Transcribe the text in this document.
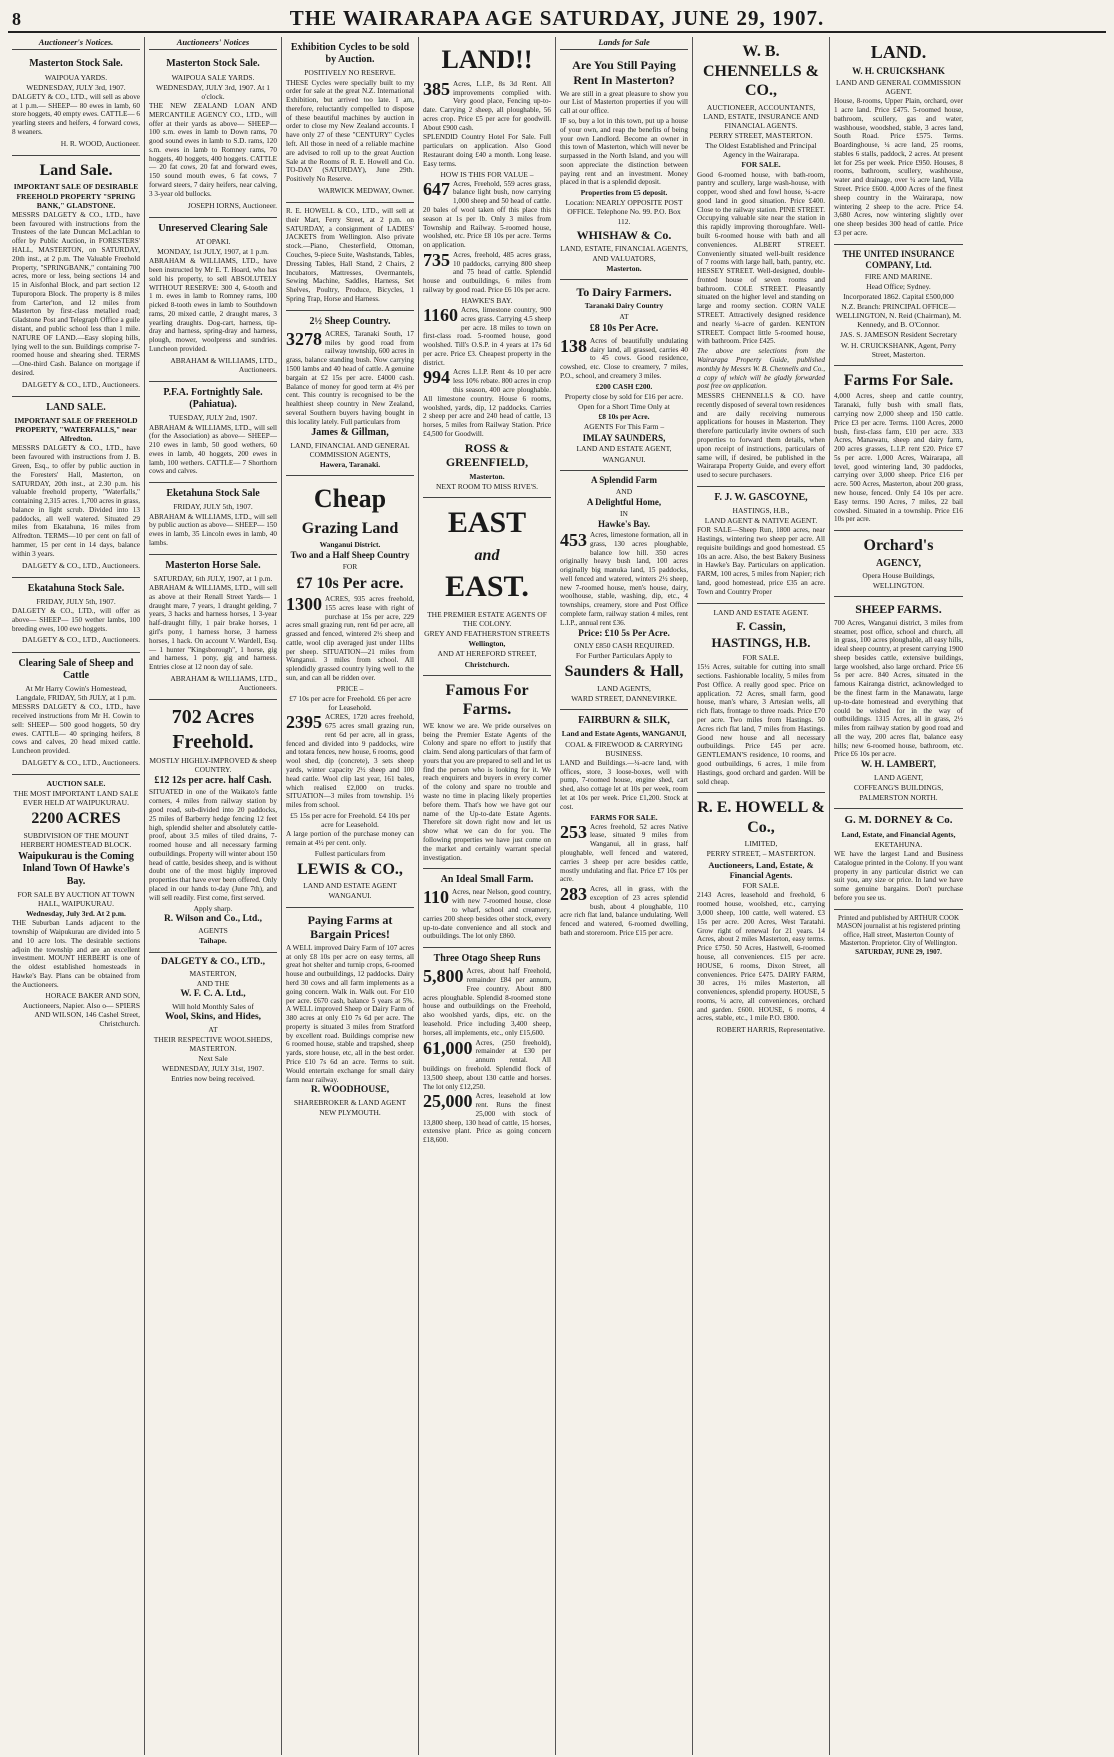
8	THE WAIRARAPA AGE SATURDAY, JUNE 29, 1907.
Auctioneer's Notices.
Masterton Stock Sale.
WAIPOUA YARDS.
WEDNESDAY, JULY 3rd, 1907.

DALGETY & CO., LTD., will sell as above at 1 p.m.— SHEEP— 80 ewes in lamb, 60 store hoggets, 40 empty ewes. CATTLE— 6 yearling steers and heifers, 4 forward cows, 8 weaners.

H. R. WOOD, Auctioneer.
Land Sale.
IMPORTANT SALE OF DESIRABLE FREEHOLD PROPERTY "SPRING BANK," GLADSTONE.

MESSRS DALGETY & CO., LTD., have been favoured with instructions from the Trustees of the late Duncan McLachlan to offer by Public Auction, in FORESTERS' HALL, MASTERTON, on SATURDAY, 20th inst., at 2 p.m. The Valuable Freehold Property, "SPRINGBANK," containing 700 acres, more or less, being sections 14 and 15 in Aisfonhal Block, and part section 12 Tupuropora Block. The property is 8 miles from Carter'ton, and 12 miles from Masterton by first-class metalled road; Gladstone Post and Telegraph Office a guile distant, and public school less than 1 mile. NATURE OF LAND.—Easy sloping hills, lying well to the sun. Buildings comprise 7-roomed house and shearing shed. TERMS—One-third Cash. Balance on mortgage if desired.

DALGETY & CO., LTD., Auctioneers.
LAND SALE.
IMPORTANT SALE OF FREEHOLD PROPERTY, "WATERFALLS," near Alfredton.

MESSRS DALGETY & CO., LTD., have been favoured with instructions from J. B. Green, Esq., to offer by public auction in the Foresters' Hall, Masterton, on SATURDAY, 20th inst., at 2.30 p.m. his valuable freehold property, "Waterfalls," containing 2,315 acres. 1,700 acres in grass, balance in light scrub. Divided into 13 paddocks, all well watered. Situated 29 miles from Ekatahuna, 16 miles from Alfredton. TERMS—10 per cent on fall of hammer, 15 per cent in 14 days, balance within 3 years.

DALGETY & CO., LTD., Auctioneers.
Ekatahuna Stock Sale.
FRIDAY, JULY 5th, 1907.

DALGETY & CO., LTD., will offer as above— SHEEP— 150 wether lambs, 100 breeding ewes, 100 ewe hoggets.

DALGETY & CO., LTD., Auctioneers.
Clearing Sale of Sheep and Cattle
At Mr Harry Cowin's Homestead, Langdale, FRIDAY, 5th JULY, at 1 p.m.

MESSRS DALGETY & CO., LTD., have received instructions from Mr H. Cowin to sell: SHEEP— 500 good hoggets, 50 dry ewes. CATTLE— 40 springing heifers, 8 cows and calves, 20 head mixed cattle. Luncheon provided.

DALGETY & CO., LTD., Auctioneers.
AUCTION SALE.
THE MOST IMPORTANT LAND SALE EVER HELD AT WAIPUKURAU.
2200 ACRES
SUBDIVISION OF THE MOUNT HERBERT HOMESTEAD BLOCK.
Waipukurau is the Coming Inland Town Of Hawke's Bay.
FOR SALE BY AUCTION AT TOWN HALL, WAIPUKURAU.
Wednesday, July 3rd. At 2 p.m.

THE Suburban Lands adjacent to the township of Waipukurau are divided into 5 and 10 acre lots. The desirable sections adjoin the township and are an excellent investment. MOUNT HERBERT is one of the oldest established homesteads in Hawke's Bay. Plans can be obtained from the Auctioneers.

HORACE BAKER AND SON, Auctioneers, Napier. Also o— SPIERS AND WILSON, 146 Cashel Street, Christchurch.
Auctioneers' Notices
Masterton Stock Sale.
WAIPOUA SALE YARDS.
WEDNESDAY, JULY 3rd, 1907. At 1 o'clock.

THE NEW ZEALAND LOAN AND MERCANTILE AGENCY CO., LTD., will offer at their yards as above— SHEEP— 100 s.m. ewes in lamb to Down rams, 70 good sound ewes in lamb to S.D. rams, 120 s.m. ewes in lamb to Romney rams, 70 hoggets, 40 hoggets, 400 hoggets. CATTLE— 20 fat cows, 20 fat and forward ewes, 150 sound mouth ewes, 6 fat cows, 7 forward steers, 7 dairy heifers, near calving, 3 3-year old bullocks.

JOSEPH IORNS, Auctioneer.
Unreserved Clearing Sale
AT OPAKI.
MONDAY, 1st JULY, 1907, at 1 p.m.

ABRAHAM & WILLIAMS, LTD., have been instructed by Mr E. T. Hoard, who has sold his property, to sell ABSOLUTELY WITHOUT RESERVE: 300 4, 6-tooth and 1 m. ewes in lamb to Romney rams, 100 picked 8-tooth ewes in lamb to Southdown rams, 20 mixed cattle, 2 draught mares, 3 yearling draughts. Dog-cart, harness, tip-dray and harness, spring-dray and harness, plough, mower, woolpress and sundries. Luncheon provided.

ABRAHAM & WILLIAMS, LTD., Auctioneers.
P.F.A. Fortnightly Sale. (Pahiatua).
TUESDAY, JULY 2nd, 1907.

ABRAHAM & WILLIAMS, LTD., will sell (for the Association) as above— SHEEP— 210 ewes in lamb, 50 good wethers, 60 ewes in lamb, 40 hoggets, 200 ewes in lamb, 100 wethers. CATTLE— 7 Shorthorn cows and calves.

Eketahuna Stock Sale
FRIDAY, JULY 5th, 1907.

ABRAHAM & WILLIAMS, LTD., will sell by public auction as above— SHEEP— 150 ewes in lamb, 35 Lincoln ewes in lamb, 40 lambs.

Masterton Horse Sale.
SATURDAY, 6th JULY, 1907, at 1 p.m.

ABRAHAM & WILLIAMS, LTD., will sell as above at their Renall Street Yards— 1 draught mare, 7 years, 1 draught gelding, 7 years, 3 hacks and harness horses, 1 3-year half-draught filly, 1 pair brake horses, 1 girl's pony, 1 harness horse, 3 harness horses, 1 hack. On account V. Wardell, Esq.— 1 hunter "Kingsborough", 1 horse, gig and harness, 1 pony, gig and harness. Entries close at 12 noon day of sale.

ABRAHAM & WILLIAMS, LTD., Auctioneers.
702 Acres Freehold.
MOSTLY HIGHLY-IMPROVED & sheep COUNTRY.
£12 12s per acre. half Cash.

SITUATED in one of the Waikato's fattle corners, 4 miles from railway station by good road, sub-divided into 20 paddocks, 25 miles of Barberry hedge fencing 12 feet high, splendid shelter and absolutely cattle-proof, about 3.5 miles of tiled drains, 7-roomed house and all necessary farming outbuildings. Property will winter about 150 head of cattle, besides sheep, and is without doubt one of the most highly improved properties that have ever been offered. Only placed in our hands to-day (June 7th), and will sell readily. First come, first served.

Apply sharp.
R. Wilson and Co., Ltd.,
AGENTS
Taihape.
DALGETY & CO., LTD.,
MASTERTON,
AND THE
W. F. C. A. Ltd.,
Will hold Monthly Sales of
Wool, Skins, and Hides,
AT
THEIR RESPECTIVE WOOLSHEDS, MASTERTON.
Next Sale
WEDNESDAY, JULY 31st, 1907.
Entries now being received.
Exhibition Cycles to be sold by Auction.
POSITIVELY NO RESERVE.

THESE Cycles were specially built to my order for sale at the great N.Z. International Exhibition, but arrived too late. I am, therefore, reluctantly compelled to dispose of these beautiful machines by auction in order to close my New Zealand accounts. I have only 27 of these "CENTURY" Cycles left. All those in need of a reliable machine are advised to roll up to the great Auction Sale at the Rooms of R. E. Howell and Co. TO-DAY (SATURDAY), June 29th. Positively No Reserve.

WARWICK MEDWAY, Owner.

R. E. HOWELL & CO., LTD., will sell at their Mart, Ferry Street, at 2 p.m. on SATURDAY, a consignment of LADIES' JACKETS from Wellington. Also private stock.—Piano, Chesterfield, Ottoman, Couches, 9-piece Suite, Washstands, Tables, Dressing Tables, Hall Stand, 2 Chairs, 2 Incubators, Mattresses, Overmantels, Sewing Machine, Saddles, Harness, Set Shelves, Poultry, Produce, Bicycles, 1 Spring Trap, Horse and Harness.

2½ Sheep Country.

3278 ACRES, Taranaki South, 17 miles by good road from railway township, 600 acres in grass, balance standing bush. Now carrying 1500 lambs and 40 head of cattle. A genuine bargain at £2 15s per acre. £4000 cash. Balance of money for good term at 4½ per cent. This country is recognised to be the healthiest sheep country in New Zealand, several Southern buyers having bought in this locality lately. Full particulars from

James & Gillman,
LAND, FINANCIAL AND GENERAL COMMISSION AGENTS,
Hawera, Taranaki.
Cheap
Grazing Land
Wanganui District.
Two and a Half Sheep Country
FOR
£7 10s Per acre.

1300 ACRES, 935 acres freehold, 155 acres lease with right of purchase at 15s per acre, 229 acres small grazing run, rent 6d per acre, all grassed and fenced, wintered 2½ sheep and cattle, wool clip averaged just under 11lbs per sheep. SITUATION—21 miles from Wanganui. 3 miles from school. All splendidly grassed country lying well to the sun, and can all be ridden over.

PRICE –
£7 10s per acre for Freehold. £6 per acre for Leasehold.

2395 ACRES, 1720 acres freehold, 675 acres small grazing run, rent 6d per acre, all in grass, fenced and divided into 9 paddocks, wire and totara fences, new house, 6 rooms, good wool shed, dip (concrete), 3 sets sheep yards, winter capacity 2½ sheep and 100 head cattle. Wool clip last year, 161 bales, which realised £2,000 on trucks. SITUATION—3 miles from township. 1½ miles from school.

£5 15s per acre for Freehold. £4 10s per acre for Leasehold.

A large portion of the purchase money can remain at 4½ per cent. only.

Fullest particulars from
LEWIS & CO.,
LAND AND ESTATE AGENT
WANGANUI.
Paying Farms at Bargain Prices!

A WELL improved Dairy Farm of 107 acres at only £8 10s per acre on easy terms, all great hot shelter and turnip crops, 6-roomed house and outbuildings, 12 paddocks. Dairy herd 30 cows and all farm implements as a going concern. Walk in. Walk out. For £10 per acre. £670 cash, balance 5 years at 5%. A WELL improved Sheep or Dairy Farm of 380 acres at only £10 7s 6d per acre. The property is situated 3 miles from Stratford by excellent road. Buildings comprise new 6 roomed house, stable and trapshed, sheep yards, store house, etc, all in the best order. Price £10 7s 6d an acre. Terms to suit. Would entertain exchange for small dairy farm near railway.

R. WOODHOUSE,
SHAREBROKER & LAND AGENT
NEW PLYMOUTH.
LAND!!

385 Acres, L.I.P., 8s 3d Rent. All improvements complied with. Very good place, Fencing up-to-date. Carrying 2 sheep, all ploughable, 56 acres crop. Price £5 per acre for goodwill. About £900 cash.

SPLENDID Country Hotel For Sale. Full particulars on application. Also Good Restaurant doing £40 a month. Long lease. Easy terms.

HOW IS THIS FOR VALUE –

647 Acres, Freehold, 559 acres grass, balance light bush, now carrying 1,000 sheep and 50 head of cattle. 20 bales of wool taken off this place this season at 1s per lb. Only 3 miles from Township and Railway. 5-roomed house, woolshed, etc. Price £8 10s per acre. Terms on application.

735 Acres, freehold, 485 acres grass, 10 paddocks, carrying 800 sheep and 75 head of cattle. Splendid house and outbuildings, 6 miles from railway by good road. Price £6 10s per acre.

HAWKE'S BAY.

1160 Acres, limestone country, 900 acres grass. Carrying 4.5 sheep per acre. 18 miles to town on first-class road. 5-roomed house, good woolshed. Till's O.S.P. in 4 years at 17s 6d per acre. Price £3. Cheapest property in the district.

994 Acres L.I.P. Rent 4s 10 per acre less 10% rebate. 800 acres in crop this season, 400 acre ploughable. All limestone country. House 6 rooms, woolshed, yards, dip, 12 paddocks. Carries 2 sheep per acre and 240 head of cattle, 13 horses, 5 miles from Railway Station. Price £4,500 for Goodwill.

ROSS & GREENFIELD,
Masterton.
NEXT ROOM TO MISS RIVE'S.
EAST
and
EAST.
THE PREMIER ESTATE AGENTS OF THE COLONY.
GREY AND FEATHERSTON STREETS
Wellington,
AND AT HEREFORD STREET,
Christchurch.
Famous For Farms.

WE know we are. We pride ourselves on being the Premier Estate Agents of the Colony and spare no effort to justify that claim. Send along particulars of that farm of yours that you are prepared to sell and let us find the person who is looking for it. We reach enquirers and buyers in every corner of the colony and spare no trouble and waste no time in placing likely properties before them. That's how we have got our name of the Up-to-date Estate Agents. Therefore sit down right now and let us show what we can do for you. The following properties we have just come on the market and certainly warrant special investigation.

An Ideal Small Farm.

110 Acres, near Nelson, good country, with new 7-roomed house, close to wharf, school and creamery, carries 200 sheep besides other stock, every up-to-date convenience and all stock and outbuildings. The lot only £860.

Three Otago Sheep Runs

5,800 Acres, about half Freehold, remainder £84 per annum, Free country. About 800 acres ploughable. Splendid 8-roomed stone house and outbuildings on the Freehold, also woolshed yards, dips, etc. on the leasehold. Price including 3,400 sheep, horses, all implements, etc., only £15,600.

61,000 Acres, (250 freehold), remainder at £30 per annum rental. All buildings on freehold. Splendid flock of 13,500 sheep, about 130 cattle and horses. The lot only £12,250.

25,000 Acres, leasehold at low rent. Runs the finest 25,000 with stock of 13,800 sheep, 130 head of cattle, 15 horses, extensive plant. Price as going concern £18,600.

Lands for Sale
Are You Still Paying Rent In Masterton?

We are still in a great pleasure to show you our List of Masterton properties if you will call at our office.

IF so, buy a lot in this town, put up a house of your own, and reap the benefits of being your own Landlord. Become an owner in this town of Masterton, which will never be surpassed in the North Island, and you will soon appreciate the distinction between paying rent and an investment. Money placed in that is a splendid deposit.

Properties from £5 deposit.
Location: NEARLY OPPOSITE POST OFFICE. Telephone No. 99. P.O. Box 112.
WHISHAW & Co.
LAND, ESTATE, FINANCIAL AGENTS, AND VALUATORS,
Masterton.
To Dairy Farmers.
Taranaki Dairy Country
AT
£8 10s Per Acre.

138 Acres of beautifully undulating dairy land, all grassed, carries 40 to 45 cows. Good residence, cowshed, etc. Close to creamery, 7 miles, P.O., school, and creamery 3 miles.

£200 CASH £200.
Property close by sold for £16 per acre.
Open for a Short Time Only at
£8 10s per Acre.
AGENTS For This Farm –
IMLAY SAUNDERS,
LAND AND ESTATE AGENT,
WANGANUI.
A Splendid Farm
AND
A Delightful Home,
IN
Hawke's Bay.

453 Acres, limestone formation, all in grass, 130 acres ploughable, balance low hill. 350 acres originally heavy bush land, 100 acres originally big manuka land, 15 paddocks, well fenced and watered, winters 2½ sheep, new 7-roomed house, men's house, dairy, woolhouse, stable, washing, dip, etc., 4 townships, creamery, store and Post Office complete farm, railway station 4 miles, rent L.I.P., annual rent £36.

Price: £10 5s Per Acre.
ONLY £850 CASH REQUIRED.
For Further Particulars Apply to
Saunders & Hall,
LAND AGENTS,
WARD STREET, DANNEVIRKE.
FAIRBURN & SILK,
Land and Estate Agents, WANGANUI,
COAL & FIREWOOD & CARRYING BUSINESS.

LAND and Buildings.—¼-acre land, with offices, store, 3 loose-boxes, well with pump, 7-roomed house, engine shed, cart shed, also cottage let at 10s per week, room let at 10s per week. Price £1,200. Stock at cost.

FARMS FOR SALE.

253 Acres freehold, 52 acres Native lease, situated 9 miles from Wanganui, all in grass, half ploughable, well fenced and watered, carries 3 sheep per acre besides cattle, mostly undulating and flat. Price £7 10s per acre.

283 Acres, all in grass, with the exception of 23 acres splendid bush, about 4 ploughable, 110 acre rich flat land, balance undulating. Well fenced and watered, 6-roomed dwelling, bath and storeroom. Price £15 per acre.

W. B. CHENNELLS & CO.,
AUCTIONEER, ACCOUNTANTS, LAND, ESTATE, INSURANCE AND FINANCIAL AGENTS.
PERRY STREET, MASTERTON.
The Oldest Established and Principal Agency in the Wairarapa.
FOR SALE.

Good 6-roomed house, with bath-room, pantry and scullery, large wash-house, with copper, wood shed and fowl house, ¼-acre good land in good situation. Price £400. Close to the railway station. PINE STREET. Occupying valuable site near the station in this rapidly improving thoroughfare. Well-built 6-roomed house with bath and all conveniences. ALBERT STREET. Conveniently situated well-built residence of 7 rooms with large hall, bath, pantry, etc. HESSEY STREET. Well-designed, double-fronted house of seven rooms and bathroom. COLE STREET. Pleasantly situated on the higher level and standing on large and roomy section. CORN VALE STREET. Attractively designed residence and nearly ¼-acre of garden. KENTON STREET. Compact little 5-roomed house, with bathroom. Price £425.

The above are selections from the Wairarapa Property Guide, published monthly by Messrs W. B. Chennells and Co., a copy of which will be gladly forwarded post free on application.

MESSRS CHENNELLS & CO. have recently disposed of several town residences and are daily receiving numerous applications for houses in Masterton. They therefore particularly invite owners of such properties to forward them details, when upon receipt of instructions, particulars of same will, if desired, be published in the Wairarapa Property Guide, and every effort used to secure purchasers.

F. J. W. GASCOYNE,
HASTINGS, H.B.,
LAND AGENT & NATIVE AGENT.

FOR SALE—Sheep Run, 1800 acres, near Hastings, wintering two sheep per acre. All requisite buildings and good homestead. £5 10s an acre. Also, the best Bakery Business in Hawke's Bay. Particulars on application. FARM, 100 acres, 5 miles from Napier; rich land, good homestead, price £35 an acre. Town and Country Proper

LAND AND ESTATE AGENT.
F. Cassin,
HASTINGS, H.B.
FOR SALE.

15½ Acres, suitable for cutting into small sections. Fashionable locality, 5 miles from Post Office. A really good spec. Price on application. 72 Acres, small farm, good house, man's whare, 3 Artesian wells, all rich flats, frontage to three roads. Price £70 per acre. Two miles from Hastings. 50 Acres rich flat land, 7 miles from Hastings. Good new house and all necessary outbuildings. Price £45 per acre. GENTLEMAN'S residence, 10 rooms, and good outbuildings, 6 acres, 1 mile from Hastings, good orchard and garden. Will be sold cheap.

R. E. HOWELL & Co.,
LIMITED,
PERRY STREET, – MASTERTON.
Auctioneers, Land, Estate, & Financial Agents.
FOR SALE.

2143 Acres, leasehold and freehold, 6 roomed house, woolshed, etc., carrying 3,000 sheep, 100 cattle, well watered. £3 15s per acre. 200 Acres, West Taratahi. Grow right of renewal for 21 years. 14 Acres, about 2 miles Masterton, easy terms. Price £750. 50 Acres, Hastwell, 6-roomed house, all conveniences. £15 per acre. HOUSE, 6 rooms, Dixon Street, all conveniences. Price £475. DAIRY FARM, 30 acres, 1½ miles Masterton, all conveniences, splendid property. HOUSE, 5 rooms, ¼ acre, all conveniences, orchard and garden. £600. HOUSE, 6 rooms, 4 acres, stable, etc., 1 mile P.O. £800.

ROBERT HARRIS, Representative.
LAND.
W. H. CRUICKSHANK
LAND AND GENERAL COMMISSION AGENT.

House, 8-rooms, Upper Plain, orchard, over 1 acre land. Price £475. 5-roomed house, bathroom, scullery, gas and water, washhouse, woodshed, stable, 3 acres land, South Road. Price £575. Terms. Boardinghouse, ¼ acre land, 25 rooms, stables 6 stalls, paddock, 2 acres. At present let for 25s per week. Price £950. Houses, 8 rooms, bathroom, scullery, washhouse, water and drainage, over ¼ acre land, Villa Street. Price £600. 4,000 Acres of the finest sheep country in the Wairarapa, now wintering 2 sheep to the acre. Price £4. 3,680 Acres, now wintering slightly over one sheep besides 300 head of cattle. Price £3 per acre.

THE UNITED INSURANCE COMPANY, Ltd.
FIRE AND MARINE.
Head Office; Sydney.
Incorporated 1862. Capital £500,000
N.Z. Branch: PRINCIPAL OFFICE—WELLINGTON, N. Reid (Chairman), M. Kennedy, and B. O'Connor.
JAS. S. JAMESON Resident Secretary
W. H. CRUICKSHANK, Agent, Perry Street, Masterton.
Farms For Sale.

4,000 Acres, sheep and cattle country, Taranaki, fully bush with small flats, carrying now 2,000 sheep and 150 cattle. Price £3 per acre. Terms. 1100 Acres, 2000 bush, first-class farm, £10 per acre. 333 Acres, Manawatu, sheep and dairy farm, 200 acres grasses, L.I.P. rent £20. Price £7 5s per acre. 1,000 Acres, Wairarapa, all level, good wintering land, 30 paddocks, carrying over 3,000 sheep. Price £16 per acre. 500 Acres, Masterton, about 200 grass, new house, fenced. Only £4 10s per acre. Easy terms. 190 Acres, 7 miles, 22 bail cowshed. Situated in a township. Price £16 10s per acre.

Orchard's
AGENCY,
Opera House Buildings,
WELLINGTON.
SHEEP FARMS.

700 Acres, Wanganui district, 3 miles from steamer, post office, school and church, all in grass, 100 acres ploughable, all easy hills, ideal sheep country, at present carrying 1900 sheep besides cattle, extensive buildings, large woolshed, also large orchard. Price £6 5s per acre. 840 Acres, situated in the famous Kairanga district, acknowledged to be the finest farm in the Manawatu, large up-to-date homestead and everything that could be wished for in the way of outbuildings. 1315 Acres, all in grass, 2½ miles from railway station by good road and all the way, 200 acres flat, balance easy hills; new 6-roomed house, bathroom, etc. Price £6 10s per acre.

W. H. LAMBERT,
LAND AGENT,
COFFEANG'S BUILDINGS,
PALMERSTON NORTH.
G. M. DORNEY & Co.
Land, Estate, and Financial Agents,
EKETAHUNA.

WE have the largest Land and Business Catalogue printed in the Colony. If you want property in any particular district we can suit you, any size or price. In land we have some genuine bargains. Don't purchase before you see us.

Printed and published by ARTHUR COOK MASON journalist at his registered printing office, Hall street, Masterton County of Masterton. Proprietor. City of Wellington.
SATURDAY, JUNE 29, 1907.
